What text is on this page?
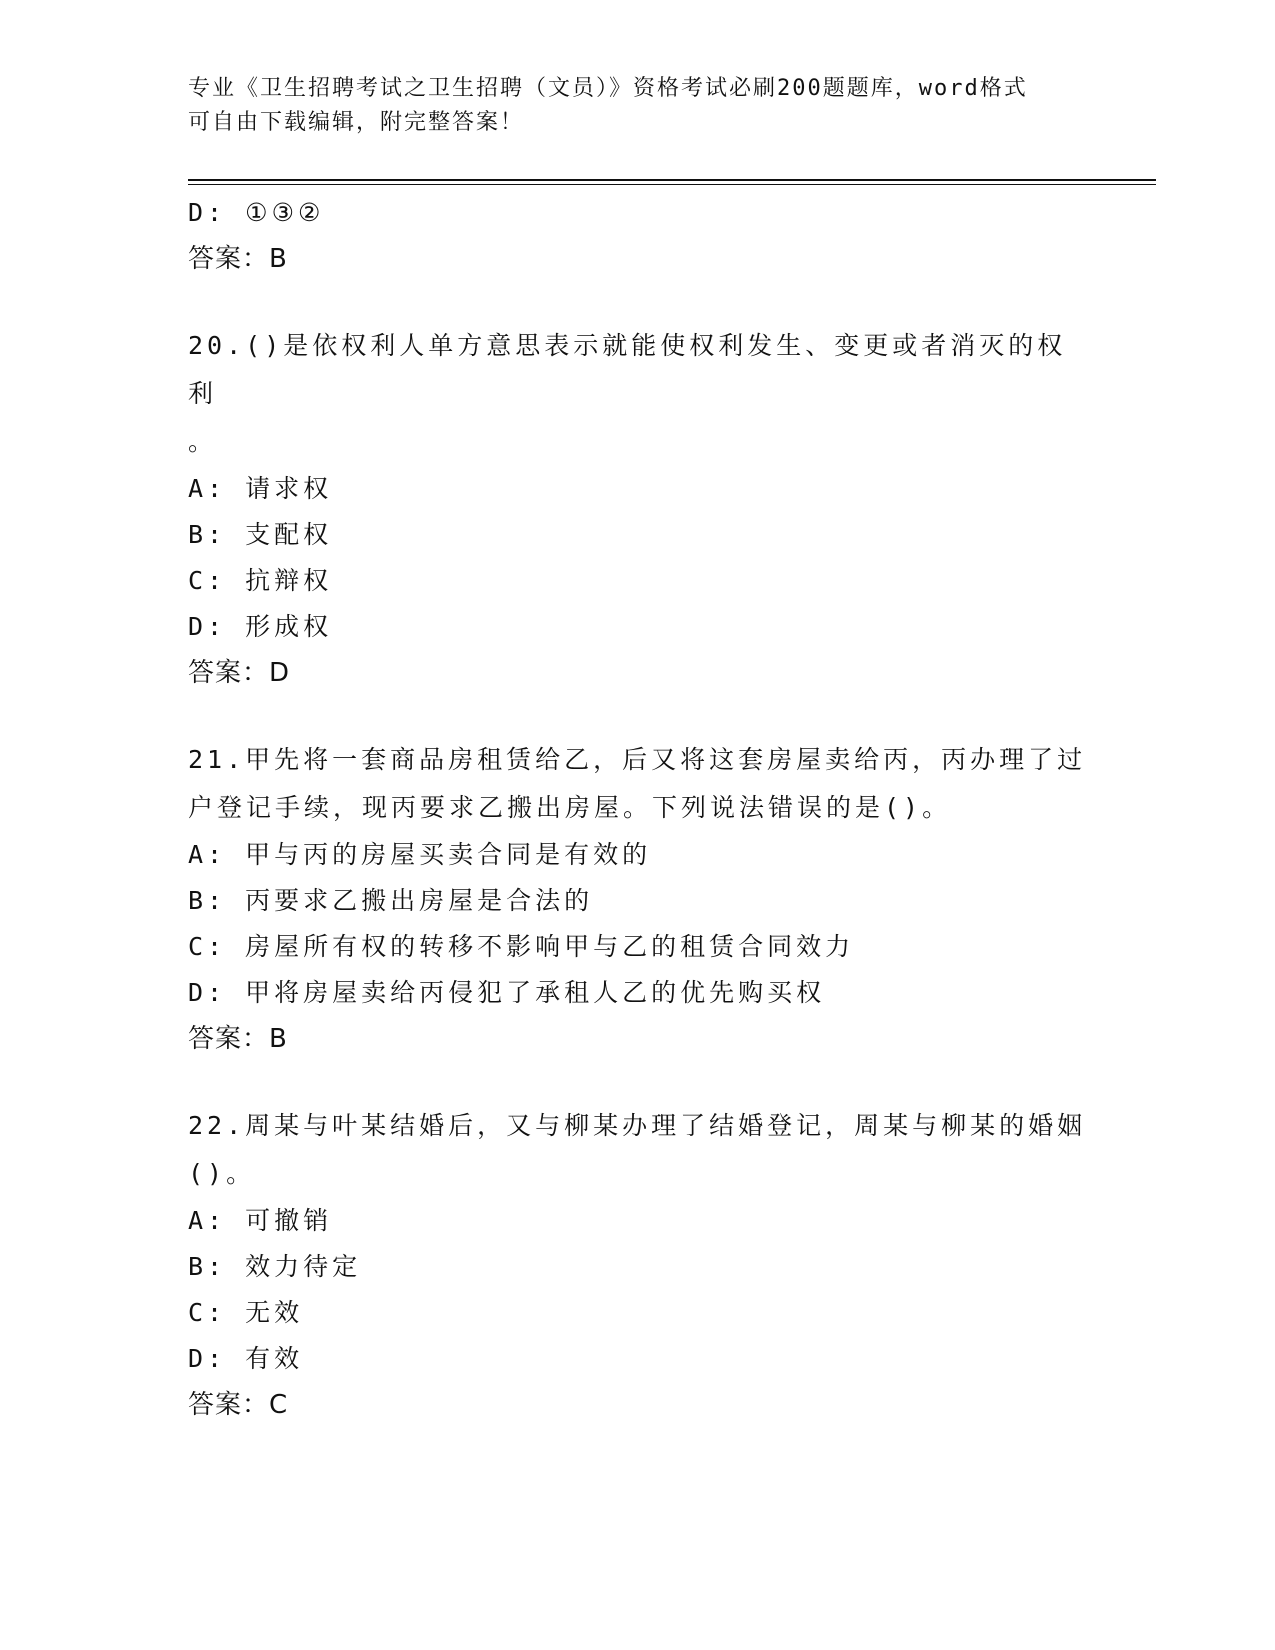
专业《卫生招聘考试之卫生招聘（文员）》资格考试必刷200题题库，word格式
可自由下载编辑，附完整答案！
D: ①③②
答案：B
20.()是依权利人单方意思表示就能使权利发生、变更或者消灭的权利
。
A: 请求权
B: 支配权
C: 抗辩权
D: 形成权
答案：D
21.甲先将一套商品房租赁给乙，后又将这套房屋卖给丙，丙办理了过
户登记手续，现丙要求乙搬出房屋。下列说法错误的是()。
A: 甲与丙的房屋买卖合同是有效的
B: 丙要求乙搬出房屋是合法的
C: 房屋所有权的转移不影响甲与乙的租赁合同效力
D: 甲将房屋卖给丙侵犯了承租人乙的优先购买权
答案：B
22.周某与叶某结婚后，又与柳某办理了结婚登记，周某与柳某的婚姻
()。
A: 可撤销
B: 效力待定
C: 无效
D: 有效
答案：C
